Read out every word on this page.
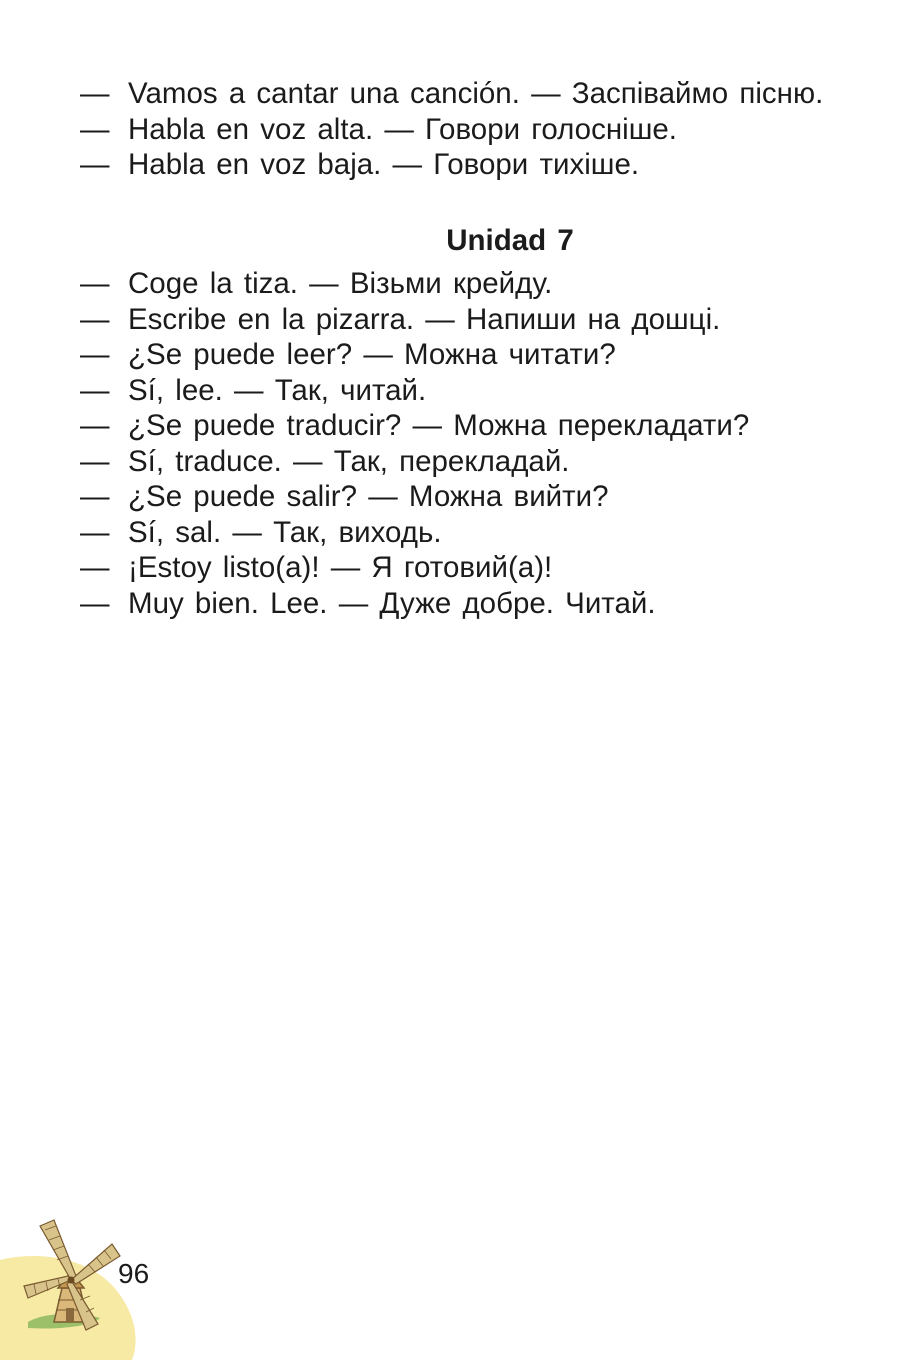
— Vamos a cantar una canción. — Заспіваймо пісню.
— Habla en voz alta. — Говори голосніше.
— Habla en voz baja. — Говори тихіше.
Unidad 7
— Coge la tiza. — Візьми крейду.
— Escribe en la pizarra. — Напиши на дошці.
— ¿Se puede leer? — Можна читати?
— Sí, lee. — Так, читай.
— ¿Se puede traducir? — Можна перекладати?
— Sí, traduce. — Так, перекладай.
— ¿Se puede salir? — Можна вийти?
— Sí, sal. — Так, виходь.
— ¡Estoy listo(a)! — Я готовий(а)!
— Muy bien. Lee. — Дуже добре. Читай.
96
